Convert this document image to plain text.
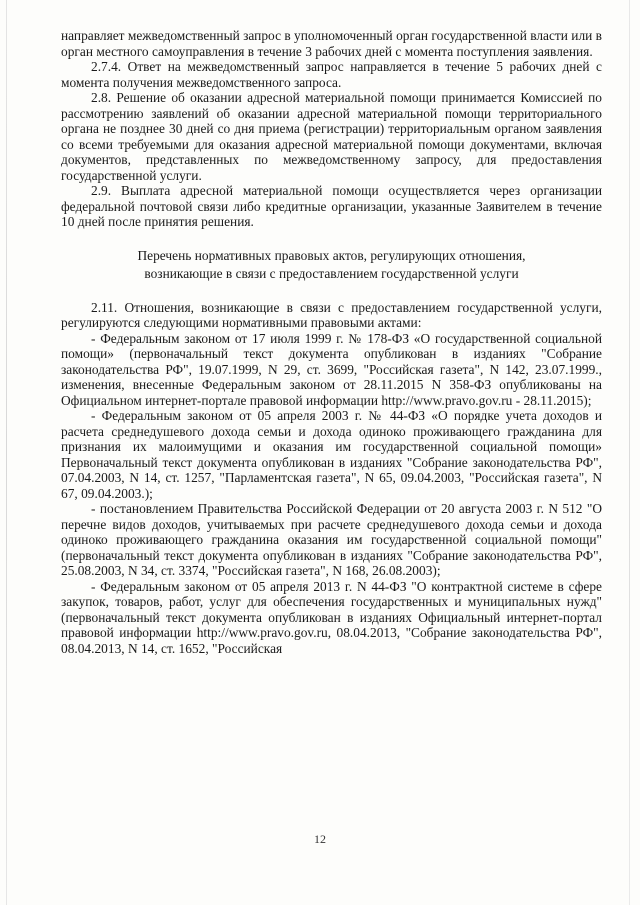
направляет межведомственный запрос в уполномоченный орган государственной власти или в орган местного самоуправления в течение 3 рабочих дней с момента поступления заявления.

2.7.4. Ответ на межведомственный запрос направляется в течение 5 рабочих дней с момента получения межведомственного запроса.

2.8. Решение об оказании адресной материальной помощи принимается Комиссией по рассмотрению заявлений об оказании адресной материальной помощи территориального органа не позднее 30 дней со дня приема (регистрации) территориальным органом заявления со всеми требуемыми для оказания адресной материальной помощи документами, включая документов, представленных по межведомственному запросу, для предоставления государственной услуги.

2.9. Выплата адресной материальной помощи осуществляется через организации федеральной почтовой связи либо кредитные организации, указанные Заявителем в течение 10 дней после принятия решения.

Перечень нормативных правовых актов, регулирующих отношения,
возникающие в связи с предоставлением государственной услуги

2.11. Отношения, возникающие в связи с предоставлением государственной услуги, регулируются следующими нормативными правовыми актами:

- Федеральным законом от 17 июля 1999 г. № 178-ФЗ «О государственной социальной помощи» (первоначальный текст документа опубликован в изданиях "Собрание законодательства РФ", 19.07.1999, N 29, ст. 3699, "Российская газета", N 142, 23.07.1999., изменения, внесенные Федеральным законом от 28.11.2015 N 358-ФЗ опубликованы на Официальном интернет-портале правовой информации http://www.pravo.gov.ru - 28.11.2015);

- Федеральным законом от 05 апреля 2003 г. № 44-ФЗ «О порядке учета доходов и расчета среднедушевого дохода семьи и дохода одиноко проживающего гражданина для признания их малоимущими и оказания им государственной социальной помощи» Первоначальный текст документа опубликован в изданиях "Собрание законодательства РФ", 07.04.2003, N 14, ст. 1257, "Парламентская газета", N 65, 09.04.2003, "Российская газета", N 67, 09.04.2003.);

- постановлением Правительства Российской Федерации от 20 августа 2003 г. N 512 "О перечне видов доходов, учитываемых при расчете среднедушевого дохода семьи и дохода одиноко проживающего гражданина оказания им государственной социальной помощи" (первоначальный текст документа опубликован в изданиях "Собрание законодательства РФ", 25.08.2003, N 34, ст. 3374, "Российская газета", N 168, 26.08.2003);

- Федеральным законом от 05 апреля 2013 г. N 44-ФЗ "О контрактной системе в сфере закупок, товаров, работ, услуг для обеспечения государственных и муниципальных нужд" (первоначальный текст документа опубликован в изданиях Официальный интернет-портал правовой информации http://www.pravo.gov.ru, 08.04.2013, "Собрание законодательства РФ", 08.04.2013, N 14, ст. 1652, "Российская

12
